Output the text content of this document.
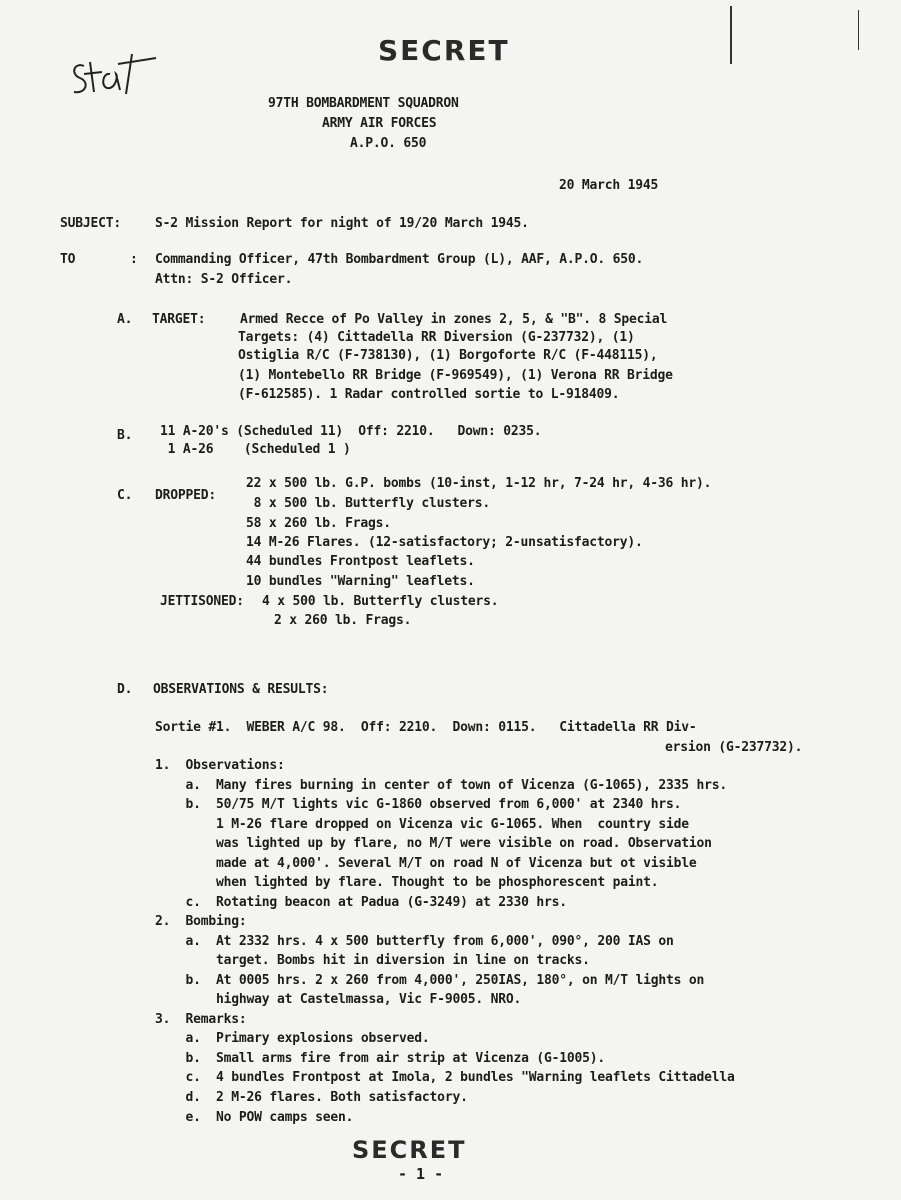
SECRET
97TH BOMBARDMENT SQUADRON
ARMY AIR FORCES
A.P.O. 650
20 March 1945
SUBJECT:	S-2 Mission Report for night of 19/20 March 1945.
TO	: Commanding Officer, 47th Bombardment Group (L), AAF, A.P.O. 650.
Attn: S-2 Officer.
A. TARGET:	Armed Recce of Po Valley in zones 2, 5, & "B". 8 Special
Targets: (4) Cittadella RR Diversion (G-237732), (1)
Ostiglia R/C (F-738130), (1) Borgoforte R/C (F-448115),
(1) Montebello RR Bridge (F-969549), (1) Verona RR Bridge
(F-612585). 1 Radar controlled sortie to L-918409.
B. 11 A-20's (Scheduled 11)  Off: 2210.   Down: 0235.
1 A-26    (Scheduled 1 )
C. DROPPED:
22 x 500 lb. G.P. bombs (10-inst, 1-12 hr, 7-24 hr, 4-36 hr).
8 x 500 lb. Butterfly clusters.
58 x 260 lb. Frags.
14 M-26 Flares. (12-satisfactory; 2-unsatisfactory).
44 bundles Frontpost leaflets.
10 bundles "Warning" leaflets.
JETTISONED: 4 x 500 lb. Butterfly clusters.
2 x 260 lb. Frags.
D. OBSERVATIONS & RESULTS:
Sortie #1.  WEBER A/C 98.  Off: 2210.  Down: 0115.   Cittadella RR Div-
ersion (G-237732).
1.  Observations:
a.  Many fires burning in center of town of Vicenza (G-1065), 2335 hrs.
b.  50/75 M/T lights vic G-1860 observed from 6,000' at 2340 hrs.
1 M-26 flare dropped on Vicenza vic G-1065. When  country side
was lighted up by flare, no M/T were visible on road. Observation
made at 4,000'. Several M/T on road N of Vicenza but ot visible
when lighted by flare. Thought to be phosphorescent paint.
c.  Rotating beacon at Padua (G-3249) at 2330 hrs.
2.  Bombing:
a.  At 2332 hrs. 4 x 500 butterfly from 6,000', 090°, 200 IAS on
target. Bombs hit in diversion in line on tracks.
b.  At 0005 hrs. 2 x 260 from 4,000', 250IAS, 180°, on M/T lights on
highway at Castelmassa, Vic F-9005. NRO.
3.  Remarks:
a.  Primary explosions observed.
b.  Small arms fire from air strip at Vicenza (G-1005).
c.  4 bundles Frontpost at Imola, 2 bundles "Warning leaflets Cittadella
d.  2 M-26 flares. Both satisfactory.
e.  No POW camps seen.
SECRET
- 1 -
